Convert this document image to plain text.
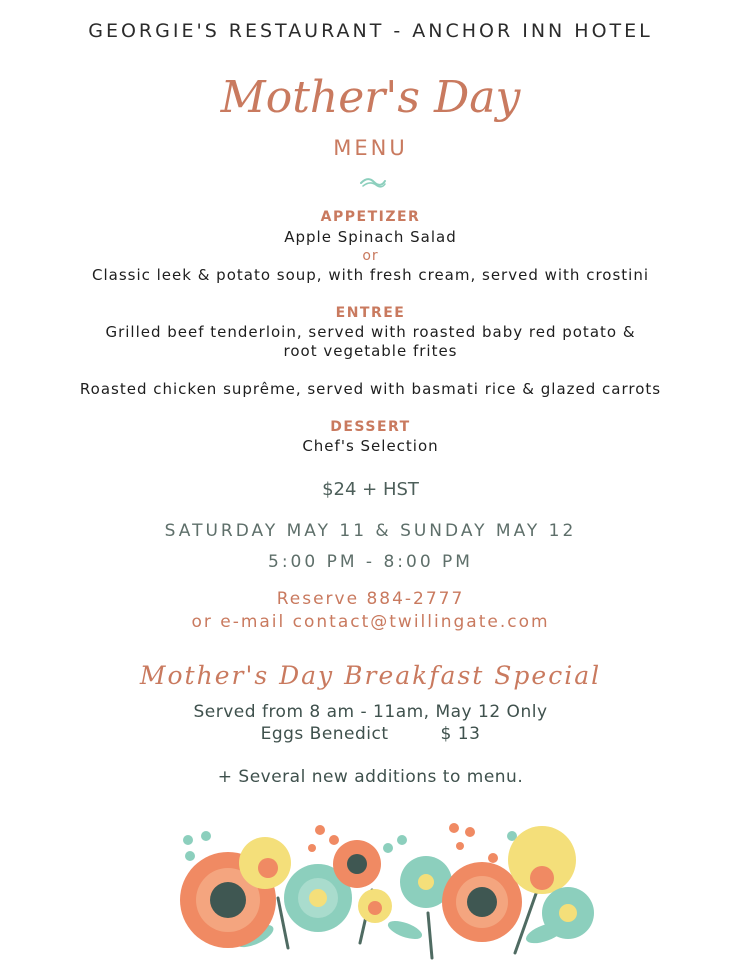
GEORGIE'S RESTAURANT - ANCHOR INN HOTEL
Mother's Day
MENU
APPETIZER
Apple Spinach Salad
or
Classic leek & potato soup, with fresh cream, served with crostini
ENTREE
Grilled beef tenderloin, served with roasted baby red potato &
root vegetable frites
Roasted chicken suprême, served with basmati rice & glazed carrots
DESSERT
Chef's Selection
$24 + HST
SATURDAY MAY 11 & SUNDAY MAY 12
5:00 PM - 8:00 PM
Reserve 884-2777
or e-mail contact@twillingate.com
Mother's Day Breakfast Special
Served from 8 am - 11am, May 12 Only
Eggs Benedict	$ 13
+ Several new additions to menu.
